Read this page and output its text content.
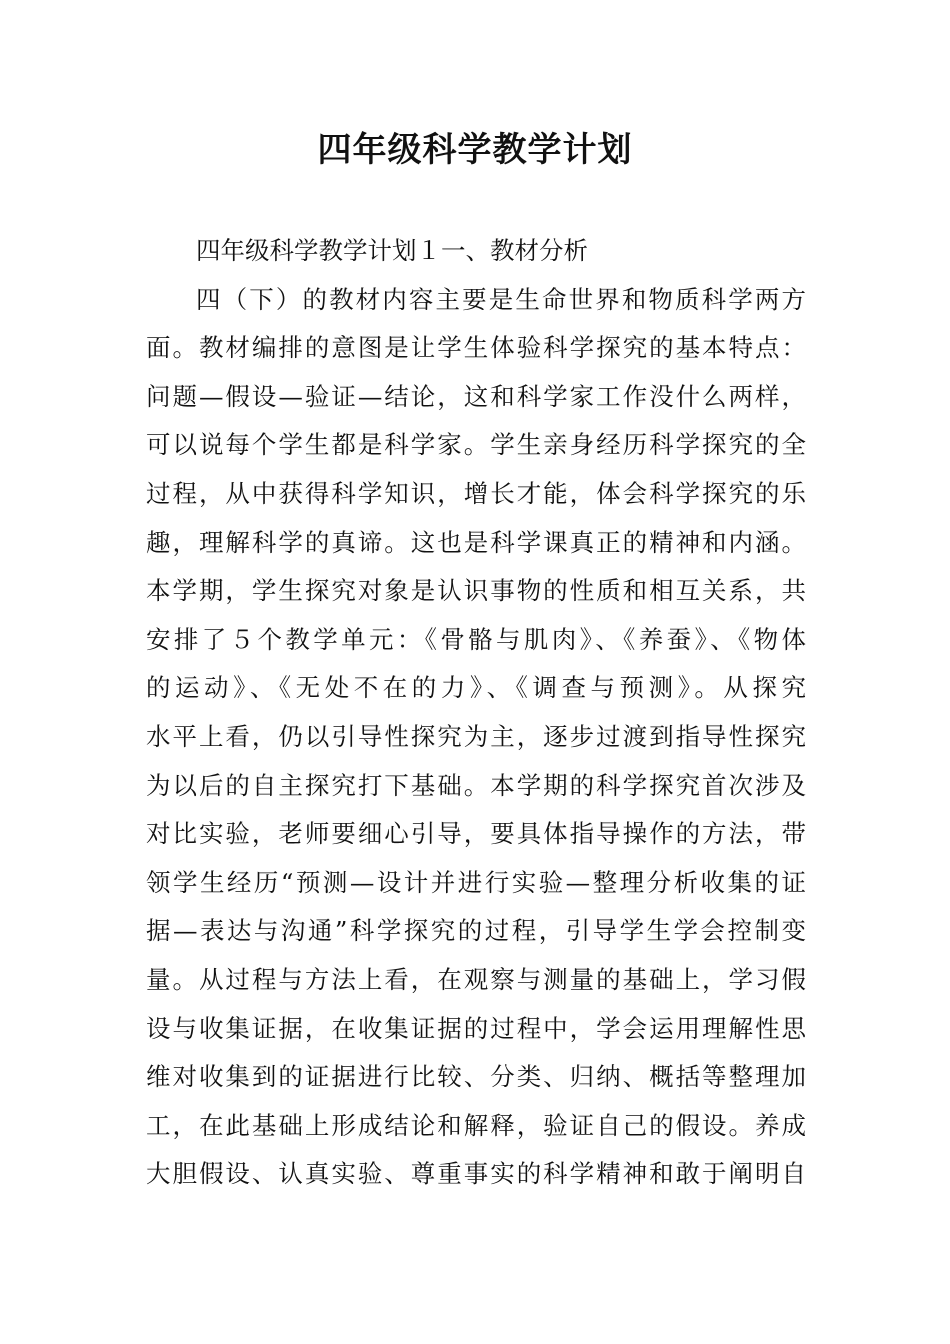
四年级科学教学计划
四年级科学教学计划１一、教材分析
四（下）的教材内容主要是生命世界和物质科学两方
面。教材编排的意图是让学生体验科学探究的基本特点：
问题—假设—验证—结论，这和科学家工作没什么两样，
可以说每个学生都是科学家。学生亲身经历科学探究的全
过程，从中获得科学知识，增长才能，体会科学探究的乐
趣，理解科学的真谛。这也是科学课真正的精神和内涵。
本学期，学生探究对象是认识事物的性质和相互关系，共
安排了５个教学单元：《骨骼与肌肉》、《养蚕》、《物体
的运动》、《无处不在的力》、《调查与预测》。从探究
水平上看，仍以引导性探究为主，逐步过渡到指导性探究
为以后的自主探究打下基础。本学期的科学探究首次涉及
对比实验，老师要细心引导，要具体指导操作的方法，带
领学生经历“预测—设计并进行实验—整理分析收集的证
据—表达与沟通”科学探究的过程，引导学生学会控制变
量。从过程与方法上看，在观察与测量的基础上，学习假
设与收集证据，在收集证据的过程中，学会运用理解性思
维对收集到的证据进行比较、分类、归纳、概括等整理加
工，在此基础上形成结论和解释，验证自己的假设。养成
大胆假设、认真实验、尊重事实的科学精神和敢于阐明自
